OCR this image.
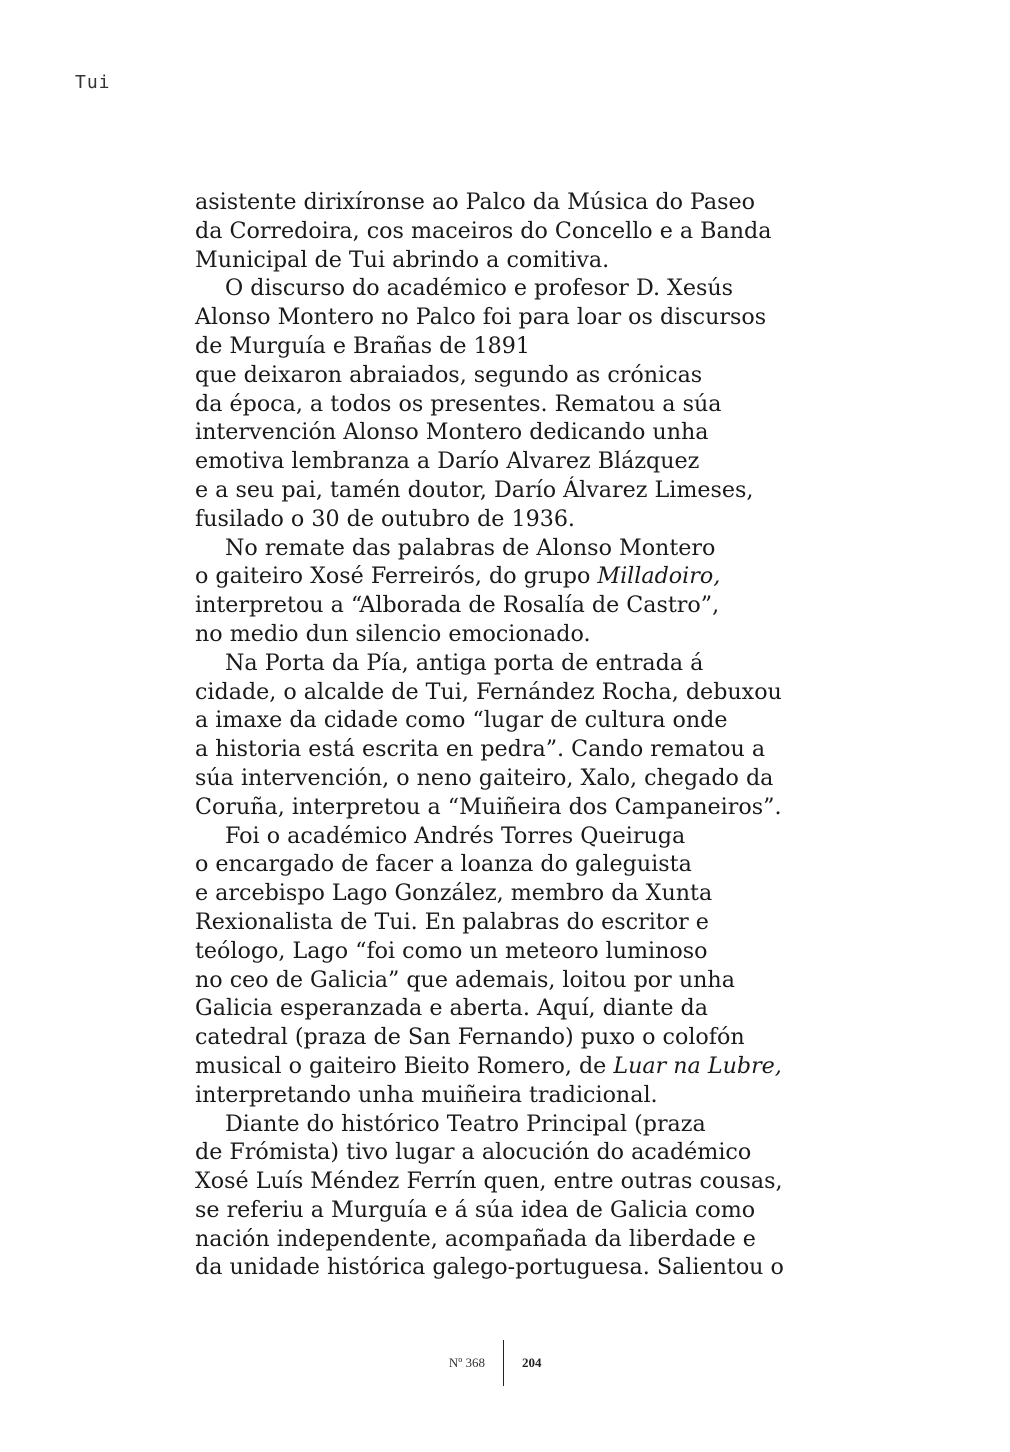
Tui
asistente dirixíronse ao Palco da Música do Paseo
da Corredoira, cos maceiros do Concello e a Banda
Municipal de Tui abrindo a comitiva.
O discurso do académico e profesor D. Xesús
Alonso Montero no Palco foi para loar os discursos
de Murguía e Brañas de 1891
que deixaron abraiados, segundo as crónicas
da época, a todos os presentes. Rematou a súa
intervención Alonso Montero dedicando unha
emotiva lembranza a Darío Alvarez Blázquez
e a seu pai, tamén doutor, Darío Álvarez Limeses,
fusilado o 30 de outubro de 1936.
No remate das palabras de Alonso Montero
o gaiteiro Xosé Ferreirós, do grupo Milladoiro,
interpretou a “Alborada de Rosalía de Castro”,
no medio dun silencio emocionado.
Na Porta da Pía, antiga porta de entrada á
cidade, o alcalde de Tui, Fernández Rocha, debuxou
a imaxe da cidade como “lugar de cultura onde
a historia está escrita en pedra”. Cando rematou a
súa intervención, o neno gaiteiro, Xalo, chegado da
Coruña, interpretou a “Muiñeira dos Campaneiros”.
Foi o académico Andrés Torres Queiruga
o encargado de facer a loanza do galeguista
e arcebispo Lago González, membro da Xunta
Rexionalista de Tui. En palabras do escritor e
teólogo, Lago “foi como un meteoro luminoso
no ceo de Galicia” que ademais, loitou por unha
Galicia esperanzada e aberta. Aquí, diante da
catedral (praza de San Fernando) puxo o colofón
musical o gaiteiro Bieito Romero, de Luar na Lubre,
interpretando unha muiñeira tradicional.
Diante do histórico Teatro Principal (praza
de Frómista) tivo lugar a alocución do académico
Xosé Luís Méndez Ferrín quen, entre outras cousas,
se referiu a Murguía e á súa idea de Galicia como
nación independente, acompañada da liberdade e
da unidade histórica galego-portuguesa. Salientou o
Nº 368	204
